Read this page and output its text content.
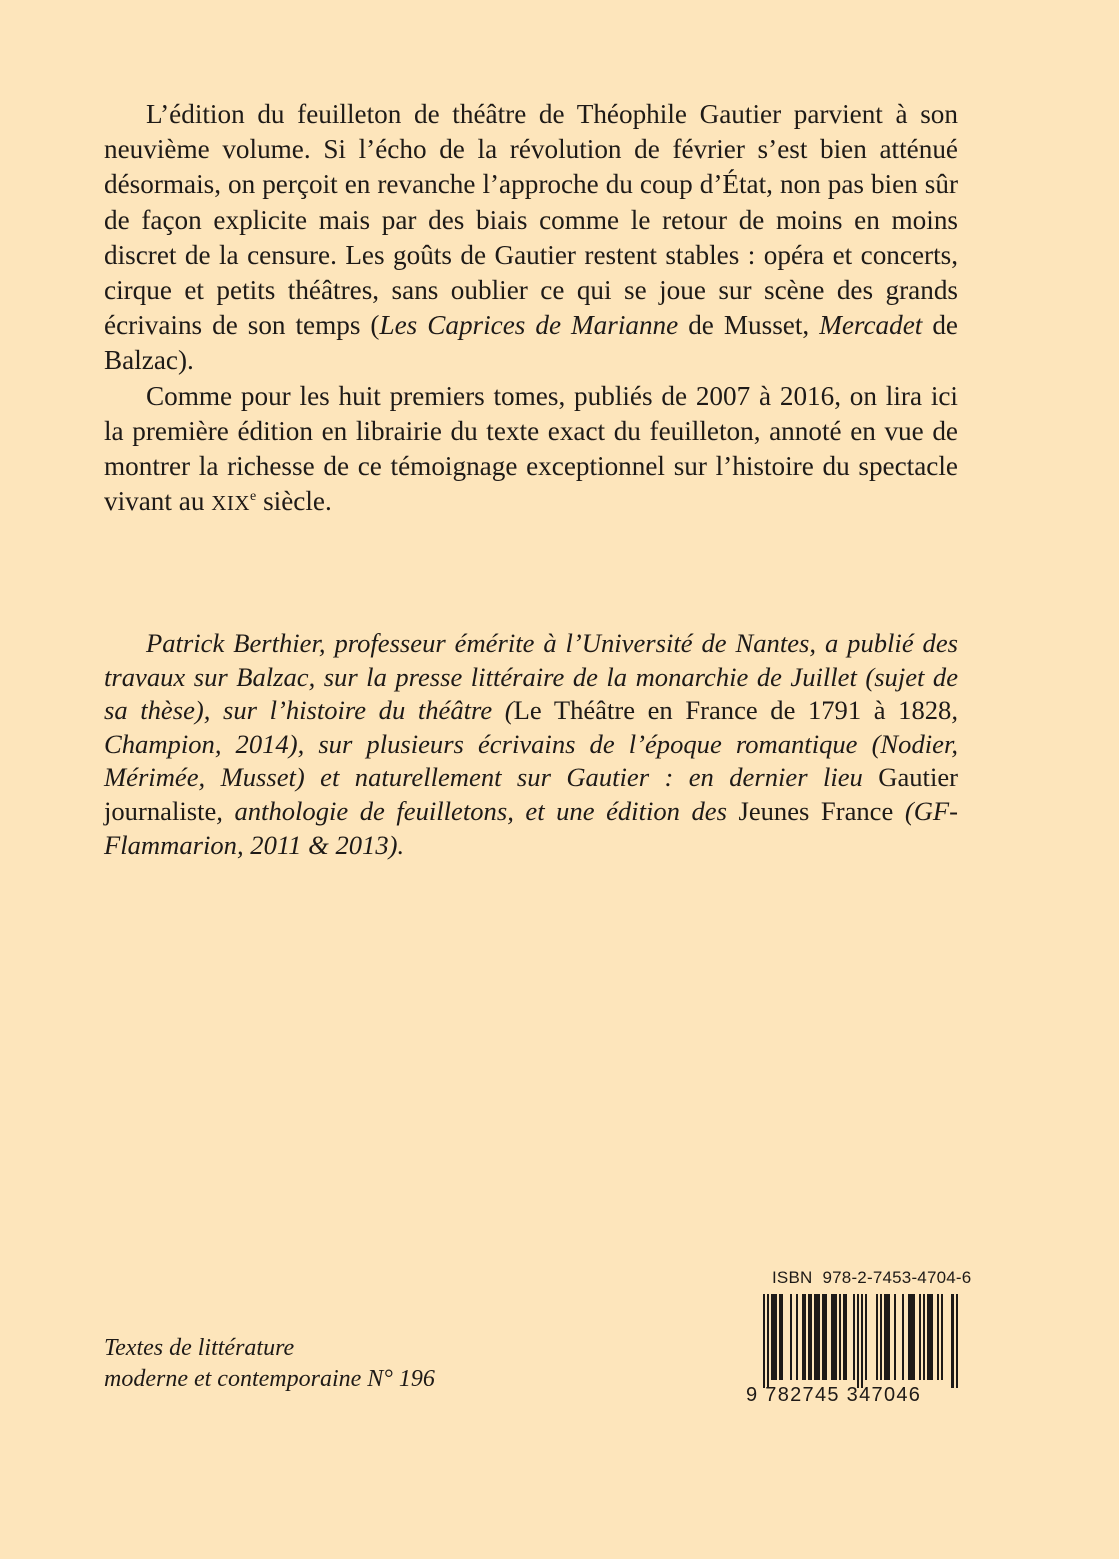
L’édition du feuilleton de théâtre de Théophile Gautier parvient à son neuvième volume. Si l’écho de la révolution de février s’est bien atténué désormais, on perçoit en revanche l’approche du coup d’État, non pas bien sûr de façon explicite mais par des biais comme le retour de moins en moins discret de la censure. Les goûts de Gautier restent stables : opéra et concerts, cirque et petits théâtres, sans oublier ce qui se joue sur scène des grands écrivains de son temps (Les Caprices de Marianne de Musset, Mercadet de Balzac).

Comme pour les huit premiers tomes, publiés de 2007 à 2016, on lira ici la première édition en librairie du texte exact du feuilleton, annoté en vue de montrer la richesse de ce témoignage exceptionnel sur l’histoire du spectacle vivant au XIXe siècle.

Patrick Berthier, professeur émérite à l’Université de Nantes, a publié des travaux sur Balzac, sur la presse littéraire de la monarchie de Juillet (sujet de sa thèse), sur l’histoire du théâtre (Le Théâtre en France de 1791 à 1828, Champion, 2014), sur plusieurs écrivains de l’époque romantique (Nodier, Mérimée, Musset) et naturellement sur Gautier : en dernier lieu Gautier journaliste, anthologie de feuilletons, et une édition des Jeunes France (GF-Flammarion, 2011 & 2013).

Textes de littérature
moderne et contemporaine N° 196
ISBN 978-2-7453-4704-6
9 782745 347046
